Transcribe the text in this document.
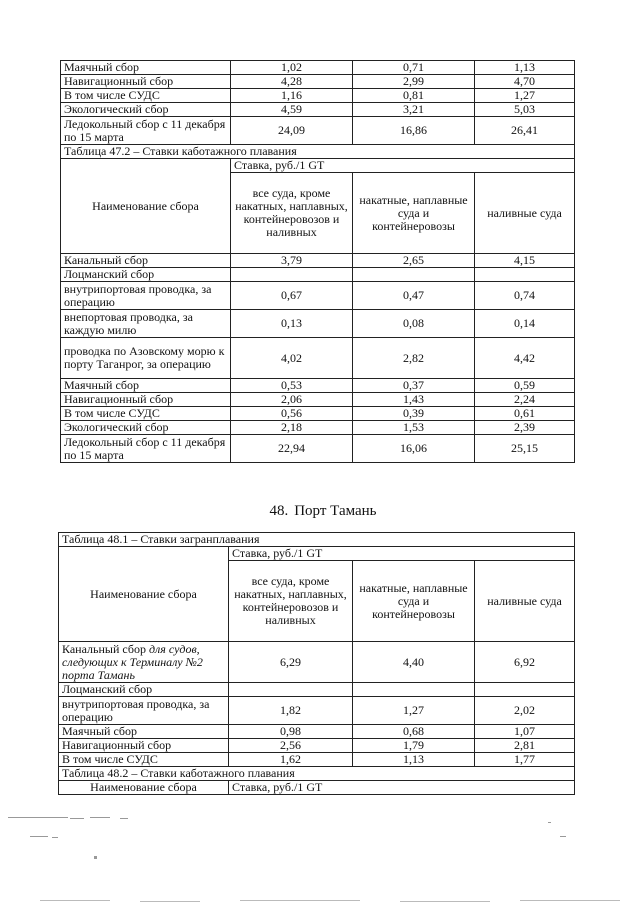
Маячный сбор	1,02	0,71	1,13
Навигационный сбор	4,28	2,99	4,70
В том числе СУДС	1,16	0,81	1,27
Экологический сбор	4,59	3,21	5,03
Ледокольный сбор с 11 декабря по 15 марта	24,09	16,86	26,41
Таблица 47.2 – Ставки каботажного плавания			
Наименование сбора	Ставка, руб./1 GT		
	все суда, кроме накатных, наплавных, контейнеровозов и наливных	накатные, наплавные суда и контейнеровозы	наливные суда
Канальный сбор	3,79	2,65	4,15
Лоцманский сбор			
внутрипортовая проводка, за операцию	0,67	0,47	0,74
внепортовая проводка, за каждую милю	0,13	0,08	0,14
проводка по Азовскому морю к порту Таганрог, за операцию	4,02	2,82	4,42
Маячный сбор	0,53	0,37	0,59
Навигационный сбор	2,06	1,43	2,24
В том числе СУДС	0,56	0,39	0,61
Экологический сбор	2,18	1,53	2,39
Ледокольный сбор с 11 декабря по 15 марта	22,94	16,06	25,15
48. Порт Тамань
Таблица 48.1 – Ставки загранплавания			
Наименование сбора	Ставка, руб./1 GT		
	все суда, кроме накатных, наплавных, контейнеровозов и наливных	накатные, наплавные суда и контейнеровозы	наливные суда
Канальный сбор для судов, следующих к Терминалу №2 порта Тамань	6,29	4,40	6,92
Лоцманский сбор			
внутрипортовая проводка, за операцию	1,82	1,27	2,02
Маячный сбор	0,98	0,68	1,07
Навигационный сбор	2,56	1,79	2,81
В том числе СУДС	1,62	1,13	1,77
Таблица 48.2 – Ставки каботажного плавания			
Наименование сбора	Ставка, руб./1 GT		
